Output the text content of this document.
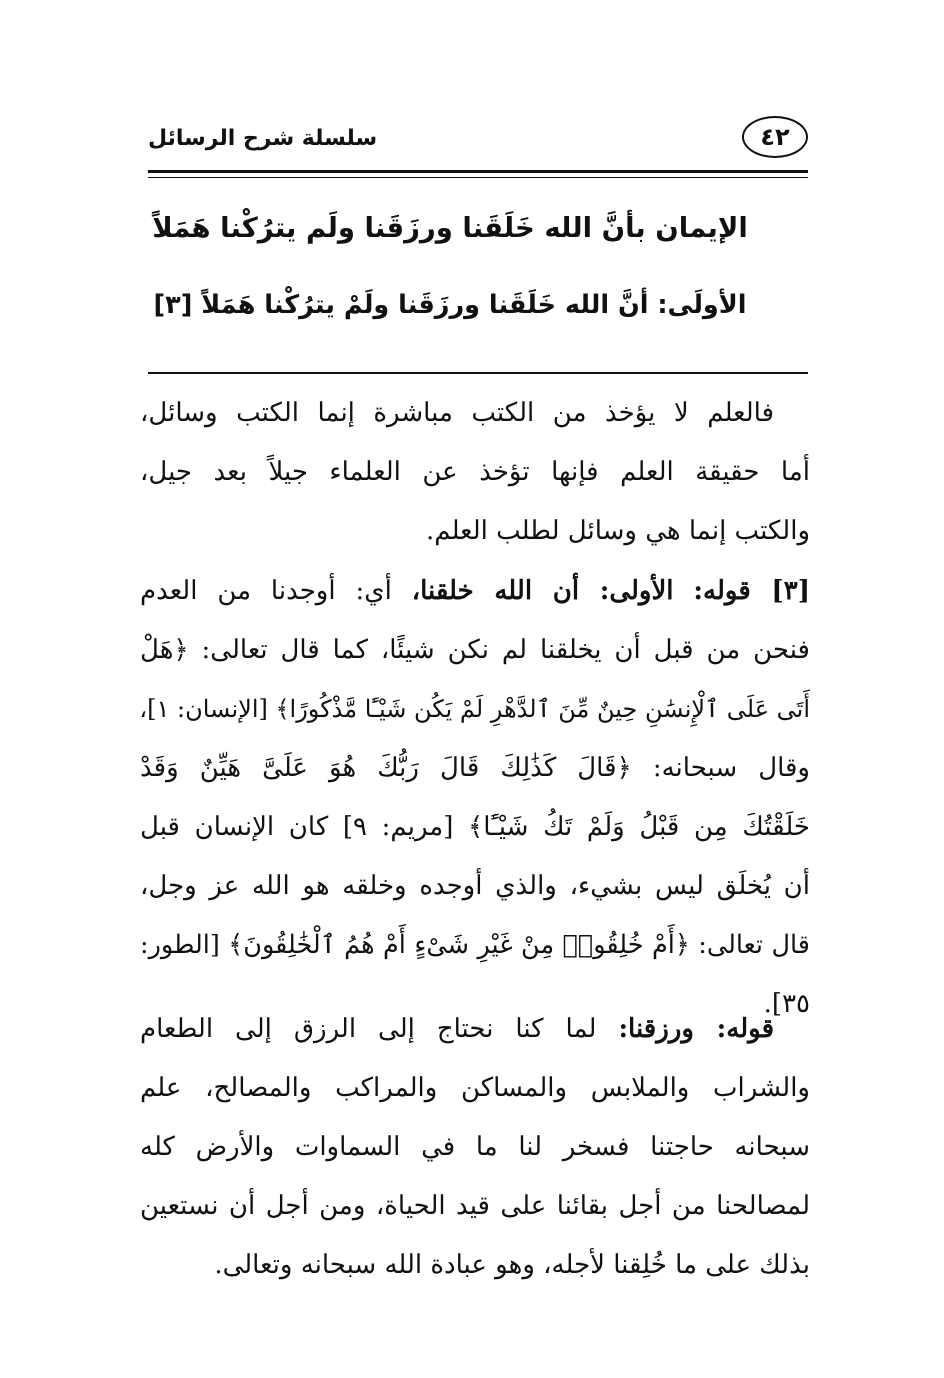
٤٢
سلسلة شرح الرسائل
الإيمان بأنَّ الله خَلَقَنا ورزَقَنا ولَم يترُكْنا هَمَلاً
الأولَى: أنَّ الله خَلَقَنا ورزَقَنا ولَمْ يترُكْنا هَمَلاً [٣]
فالعلم لا يؤخذ من الكتب مباشرة إنما الكتب وسائل،
أما حقيقة العلم فإنها تؤخذ عن العلماء جيلاً بعد جيل،
والكتب إنما هي وسائل لطلب العلم.
[٣] قوله: الأولى: أن الله خلقنا، أي: أوجدنا من العدم
فنحن من قبل أن يخلقنا لم نكن شيئًا، كما قال تعالى: ﴿هَلْ
أَتَى عَلَى ٱلْإِنسَٰنِ حِينٌ مِّنَ ٱلدَّهْرِ لَمْ يَكُن شَيْـًٔا مَّذْكُورًا﴾ [الإنسان: ١]،
وقال سبحانه: ﴿قَالَ كَذَٰلِكَ قَالَ رَبُّكَ هُوَ عَلَىَّ هَيِّنٌ وَقَدْ
خَلَقْتُكَ مِن قَبْلُ وَلَمْ تَكُ شَيْـًٔا﴾ [مريم: ٩] كان الإنسان قبل
أن يُخلَق ليس بشيء، والذي أوجده وخلقه هو الله عز وجل،
قال تعالى: ﴿أَمْ خُلِقُوا۟ مِنْ غَيْرِ شَىْءٍ أَمْ هُمُ ٱلْخَٰلِقُونَ﴾ [الطور:
٣٥].
قوله: ورزقنا: لما كنا نحتاج إلى الرزق إلى الطعام
والشراب والملابس والمساكن والمراكب والمصالح، علم
سبحانه حاجتنا فسخر لنا ما في السماوات والأرض كله
لمصالحنا من أجل بقائنا على قيد الحياة، ومن أجل أن نستعين
بذلك على ما خُلِقنا لأجله، وهو عبادة الله سبحانه وتعالى.
